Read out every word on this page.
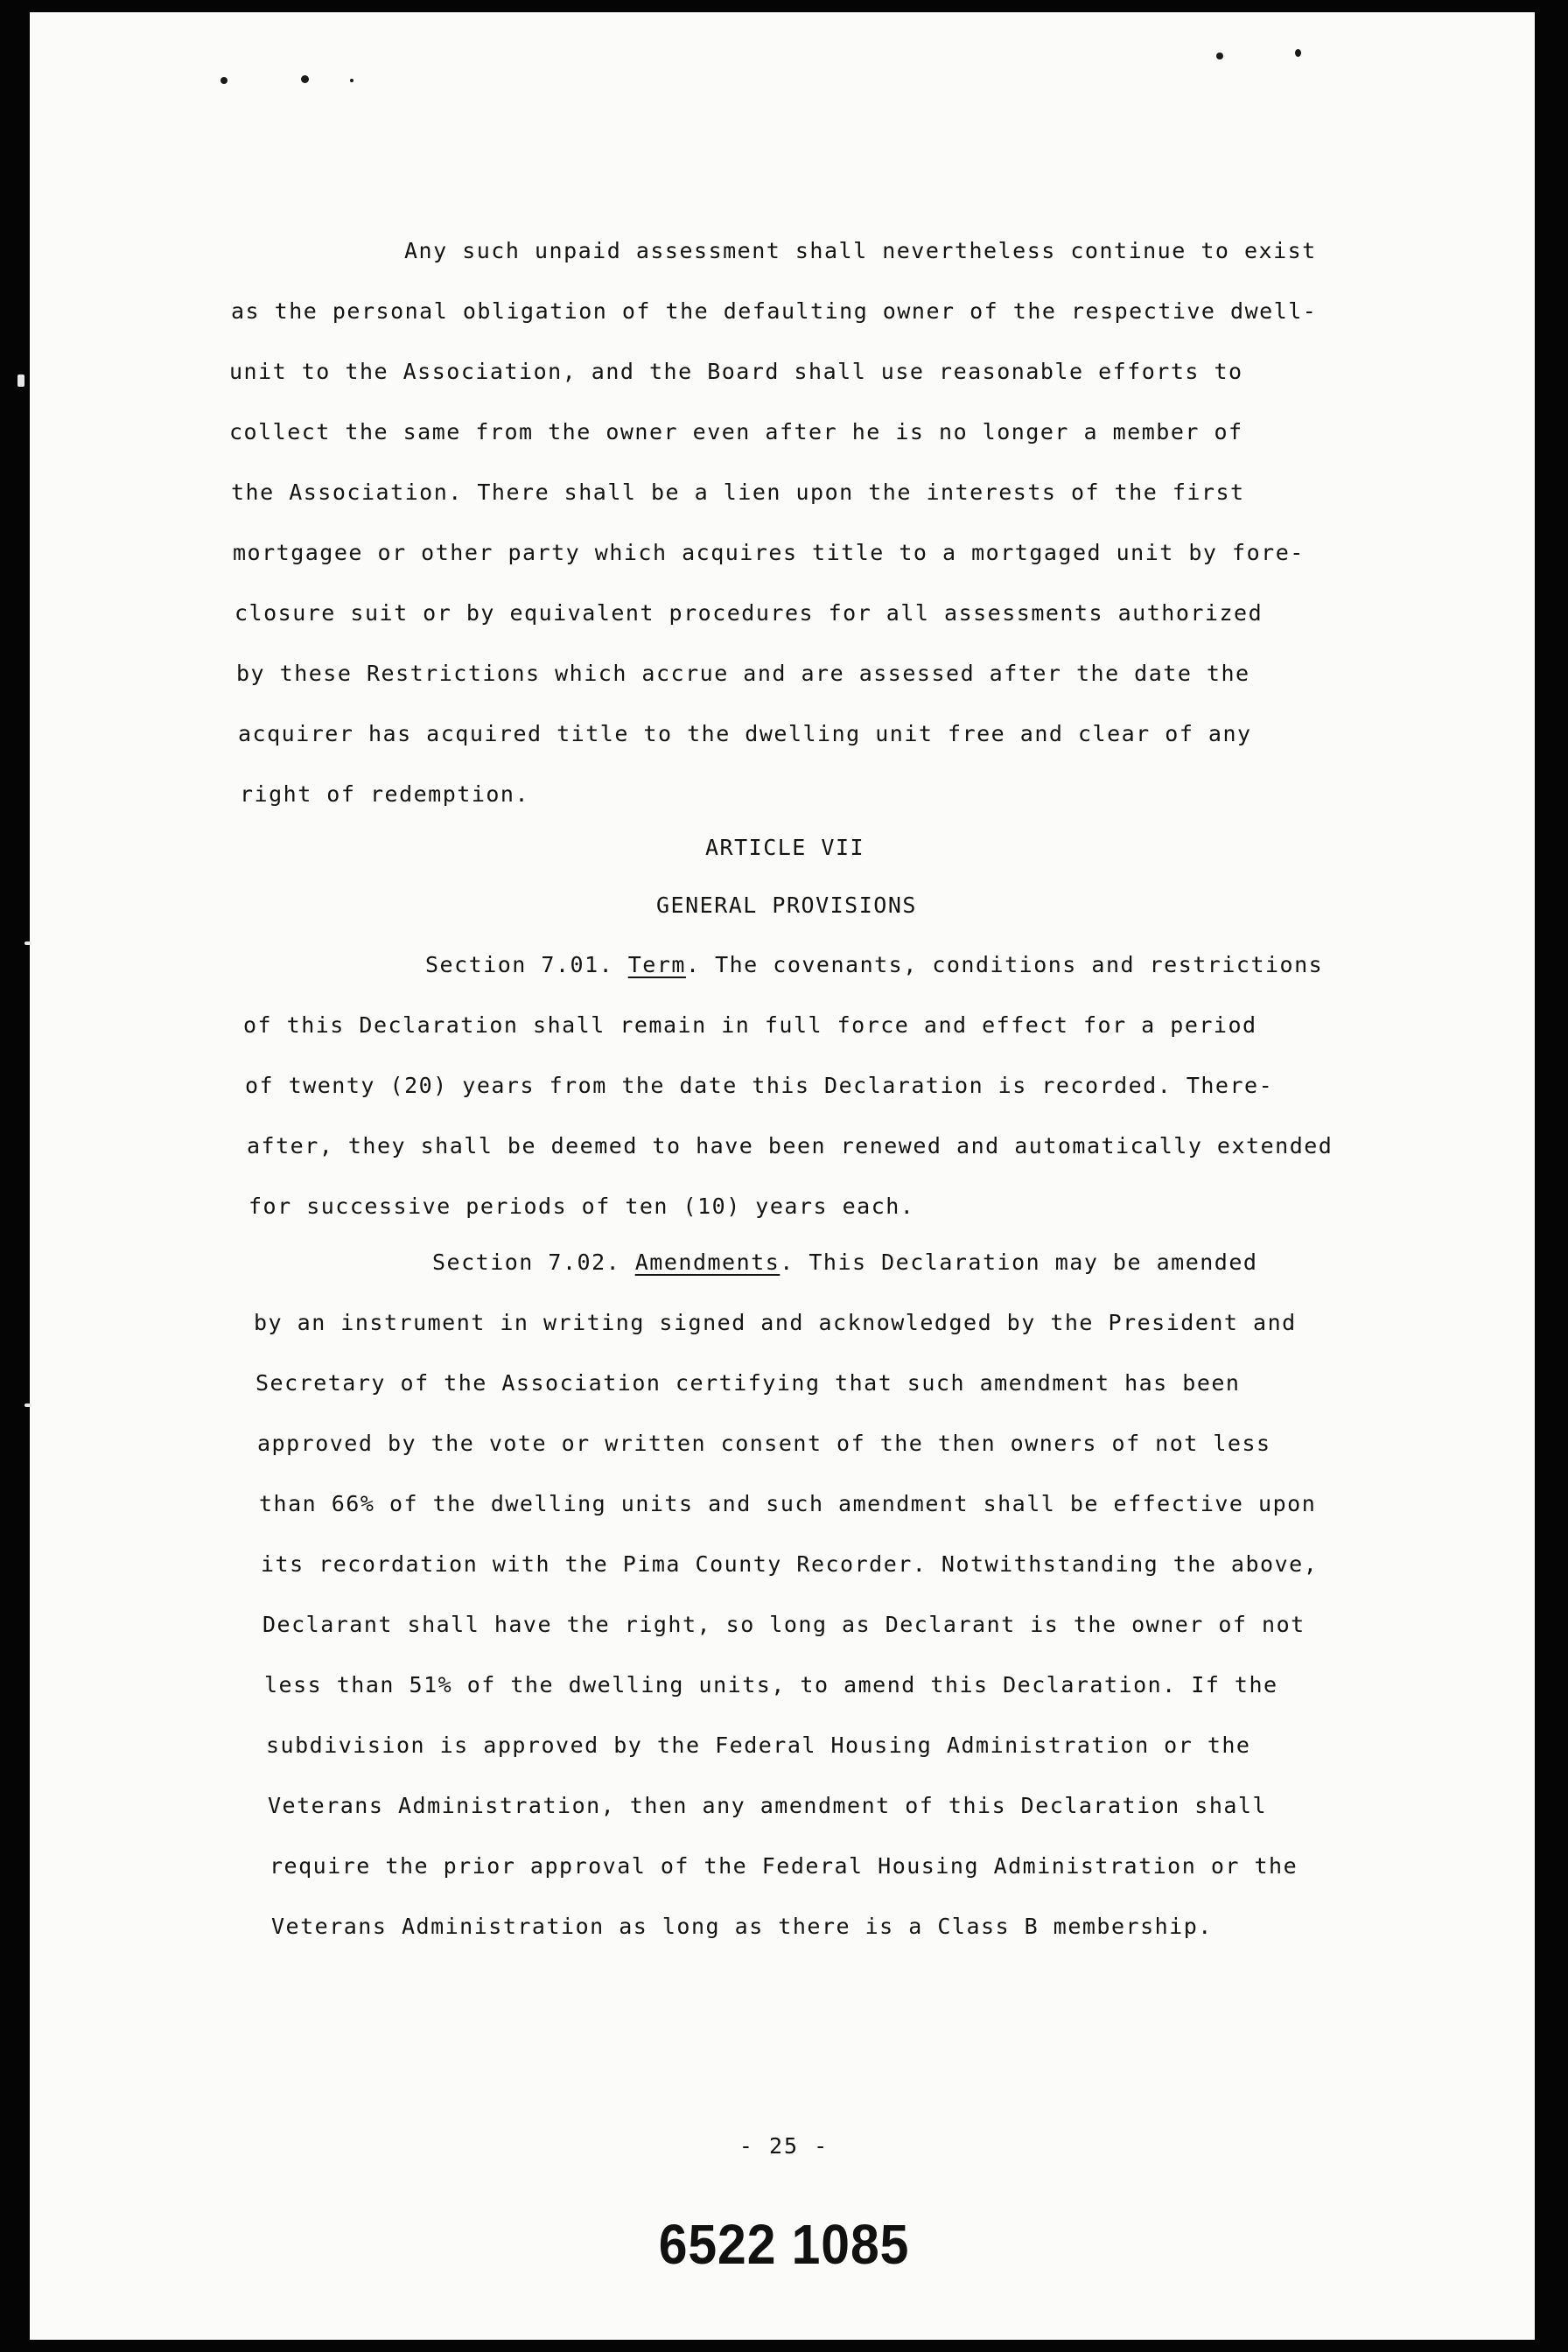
Any such unpaid assessment shall nevertheless continue to exist
as the personal obligation of the defaulting owner of the respective dwell-
unit to the Association, and the Board shall use reasonable efforts to
collect the same from the owner even after he is no longer a member of
the Association. There shall be a lien upon the interests of the first
mortgagee or other party which acquires title to a mortgaged unit by fore-
closure suit or by equivalent procedures for all assessments authorized
by these Restrictions which accrue and are assessed after the date the
acquirer has acquired title to the dwelling unit free and clear of any
right of redemption.
ARTICLE VII
GENERAL PROVISIONS
Section 7.01. Term. The covenants, conditions and restrictions
of this Declaration shall remain in full force and effect for a period
of twenty (20) years from the date this Declaration is recorded. There-
after, they shall be deemed to have been renewed and automatically extended
for successive periods of ten (10) years each.
Section 7.02. Amendments. This Declaration may be amended
by an instrument in writing signed and acknowledged by the President and
Secretary of the Association certifying that such amendment has been
approved by the vote or written consent of the then owners of not less
than 66% of the dwelling units and such amendment shall be effective upon
its recordation with the Pima County Recorder. Notwithstanding the above,
Declarant shall have the right, so long as Declarant is the owner of not
less than 51% of the dwelling units, to amend this Declaration. If the
subdivision is approved by the Federal Housing Administration or the
Veterans Administration, then any amendment of this Declaration shall
require the prior approval of the Federal Housing Administration or the
Veterans Administration as long as there is a Class B membership.
- 25 -
6522 1085
